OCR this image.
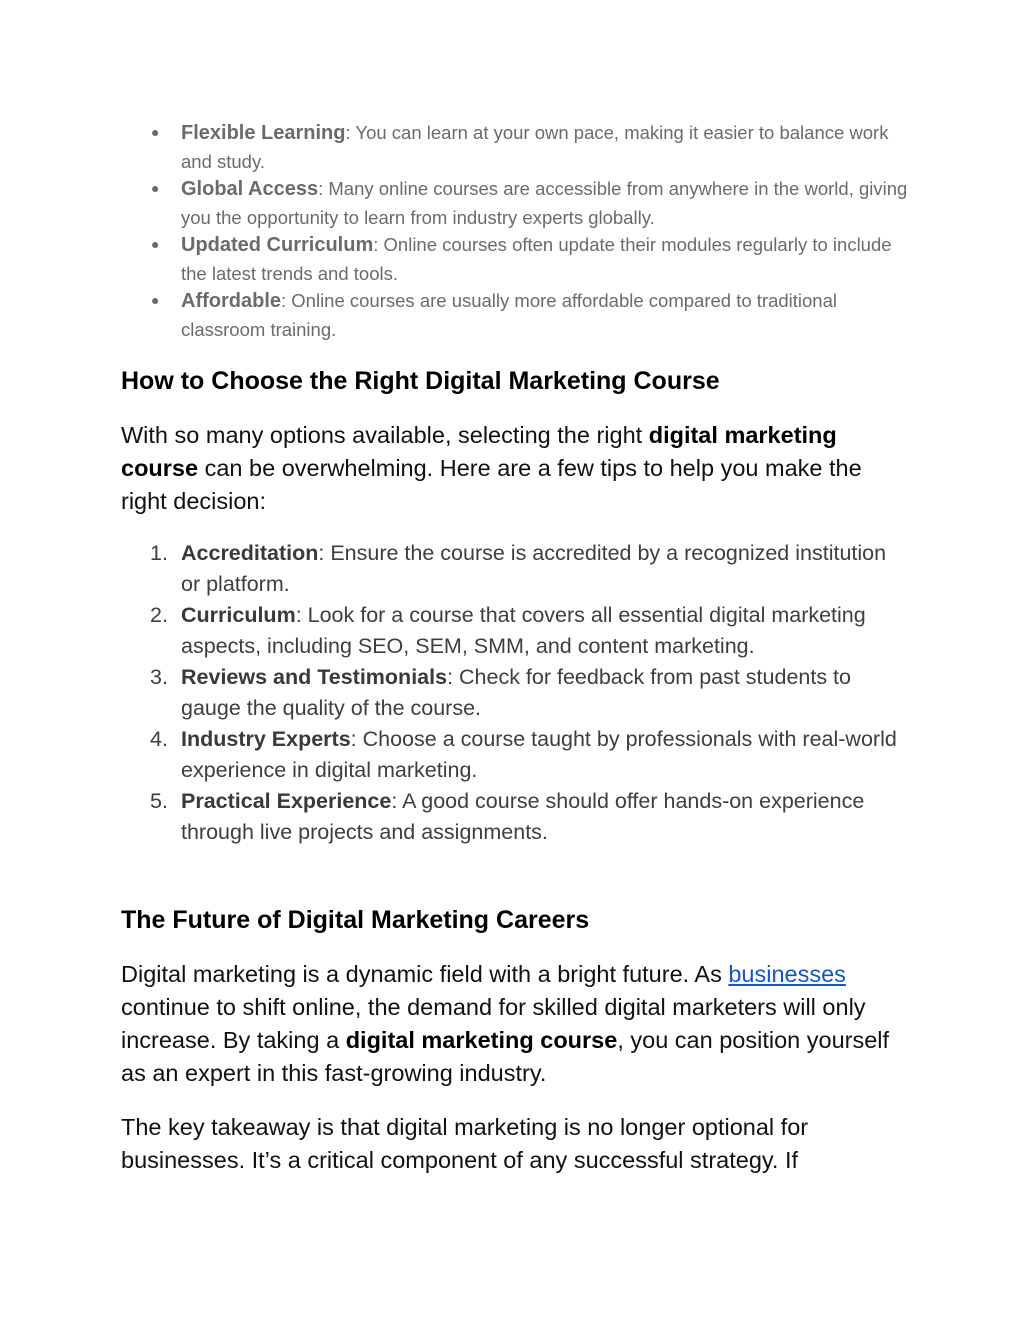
● Flexible Learning: You can learn at your own pace, making it easier to balance work and study.
● Global Access: Many online courses are accessible from anywhere in the world, giving you the opportunity to learn from industry experts globally.
● Updated Curriculum: Online courses often update their modules regularly to include the latest trends and tools.
● Affordable: Online courses are usually more affordable compared to traditional classroom training.
How to Choose the Right Digital Marketing Course

With so many options available, selecting the right digital marketing course can be overwhelming. Here are a few tips to help you make the right decision:

1. Accreditation: Ensure the course is accredited by a recognized institution or platform.
2. Curriculum: Look for a course that covers all essential digital marketing aspects, including SEO, SEM, SMM, and content marketing.
3. Reviews and Testimonials: Check for feedback from past students to gauge the quality of the course.
4. Industry Experts: Choose a course taught by professionals with real-world experience in digital marketing.
5. Practical Experience: A good course should offer hands-on experience through live projects and assignments.
The Future of Digital Marketing Careers

Digital marketing is a dynamic field with a bright future. As businesses continue to shift online, the demand for skilled digital marketers will only increase. By taking a digital marketing course, you can position yourself as an expert in this fast-growing industry.

The key takeaway is that digital marketing is no longer optional for businesses. It’s a critical component of any successful strategy. If
